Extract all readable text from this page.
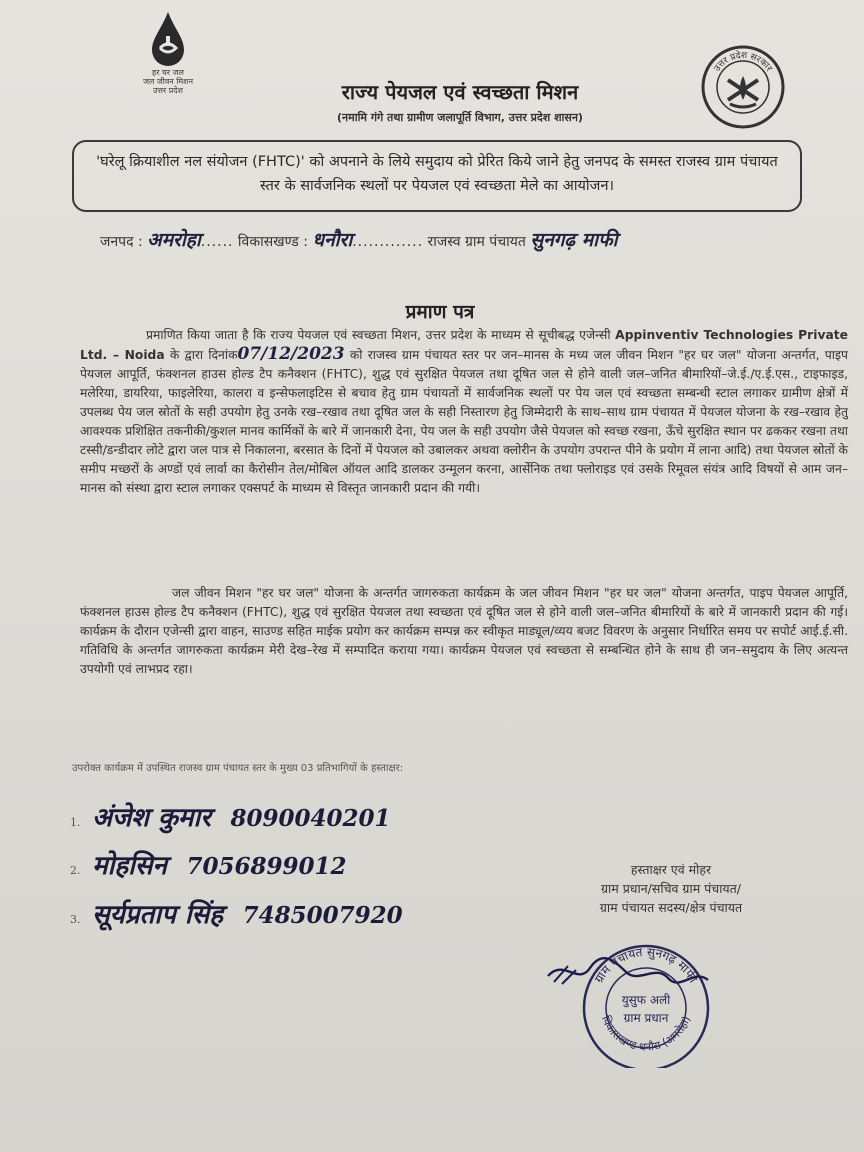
हर घर जल
जल जीवन मिशन
उत्तर प्रदेश
उत्तर प्रदेश सरकार
राज्य पेयजल एवं स्वच्छता मिशन
(नमामि गंगे तथा ग्रामीण जलापूर्ति विभाग, उत्तर प्रदेश शासन)
'घरेलू क्रियाशील नल संयोजन (FHTC)' को अपनाने के लिये समुदाय को प्रेरित किये जाने हेतु जनपद के समस्त राजस्व ग्राम पंचायत स्तर के सार्वजनिक स्थलों पर पेयजल एवं स्वच्छता मेले का आयोजन।
जनपद : अमरोहा...... विकासखण्ड : धनौरा............. राजस्व ग्राम पंचायत सुनगढ़ माफी
प्रमाण पत्र
प्रमाणित किया जाता है कि राज्य पेयजल एवं स्वच्छता मिशन, उत्तर प्रदेश के माध्यम से सूचीबद्ध एजेन्सी Appinventiv Technologies Private Ltd. – Noida के द्वारा दिनांक07/12/2023 को राजस्व ग्राम पंचायत स्तर पर जन–मानस के मध्य जल जीवन मिशन "हर घर जल" योजना अन्तर्गत, पाइप पेयजल आपूर्ति, फंक्शनल हाउस होल्ड टैप कनैक्शन (FHTC), शुद्ध एवं सुरक्षित पेयजल तथा दूषित जल से होने वाली जल–जनित बीमारियों–जे.ई./ए.ई.एस., टाइफाइड, मलेरिया, डायरिया, फाइलेरिया, कालरा व इन्सेफलाइटिस से बचाव हेतु ग्राम पंचायतों में सार्वजनिक स्थलों पर पेय जल एवं स्वच्छता सम्बन्धी स्टाल लगाकर ग्रामीण क्षेत्रों में उपलब्ध पेय जल स्रोतों के सही उपयोग हेतु उनके रख–रखाव तथा दूषित जल के सही निस्तारण हेतु जिम्मेदारी के साथ–साथ ग्राम पंचायत में पेयजल योजना के रख–रखाव हेतु आवश्यक प्रशिक्षित तकनीकी/कुशल मानव कार्मिकों के बारे में जानकारी देना, पेय जल के सही उपयोग जैसे पेयजल को स्वच्छ रखना, ऊँचे सुरक्षित स्थान पर ढककर रखना तथा टस्सी/डन्डीदार लोटे द्वारा जल पात्र से निकालना, बरसात के दिनों में पेयजल को उबालकर अथवा क्लोरीन के उपयोग उपरान्त पीने के प्रयोग में लाना आदि) तथा पेयजल स्रोतों के समीप मच्छरों के अण्डों एवं लार्वा का कैरोसीन तेल/मोबिल ऑयल आदि डालकर उन्मूलन करना, आर्सेनिक तथा फ्लोराइड एवं उसके रिमूवल संयंत्र आदि विषयों से आम जन–मानस को संस्था द्वारा स्टाल लगाकर एक्सपर्ट के माध्यम से विस्तृत जानकारी प्रदान की गयी।
जल जीवन मिशन "हर घर जल" योजना के अन्तर्गत जागरुकता कार्यक्रम के जल जीवन मिशन "हर घर जल" योजना अन्तर्गत, पाइप पेयजल आपूर्ति, फंक्शनल हाउस होल्ड टैप कनैक्शन (FHTC), शुद्ध एवं सुरक्षित पेयजल तथा स्वच्छता एवं दूषित जल से होने वाली जल–जनित बीमारियों के बारे में जानकारी प्रदान की गई। कार्यक्रम के दौरान एजेन्सी द्वारा वाहन, साउण्ड सहित माईक प्रयोग कर कार्यक्रम सम्पन्न कर स्वीकृत माड्यूल/व्यय बजट विवरण के अनुसार निर्धारित समय पर सपोर्ट आई.ई.सी. गतिविधि के अन्तर्गत जागरुकता कार्यक्रम मेरी देख–रेख में सम्पादित कराया गया। कार्यक्रम पेयजल एवं स्वच्छता से सम्बन्धित होने के साथ ही जन–समुदाय के लिए अत्यन्त उपयोगी एवं लाभप्रद रहा।
उपरोक्त कार्यक्रम में उपस्थित राजस्व ग्राम पंचायत स्तर के मुख्य 03 प्रतिभागियों के हस्ताक्षर:
1. अंजेश कुमार 8090040201
2. मोहसिन 7056899012
3. सूर्यप्रताप सिंह 7485007920
हस्ताक्षर एवं मोहर
ग्राम प्रधान/सचिव ग्राम पंचायत/
ग्राम पंचायत सदस्य/क्षेत्र पंचायत
ग्राम पंचायत सुनगढ़ माफी
विकासखण्ड धनौरा (अमरोहा)
युसुफ अली
ग्राम प्रधान
